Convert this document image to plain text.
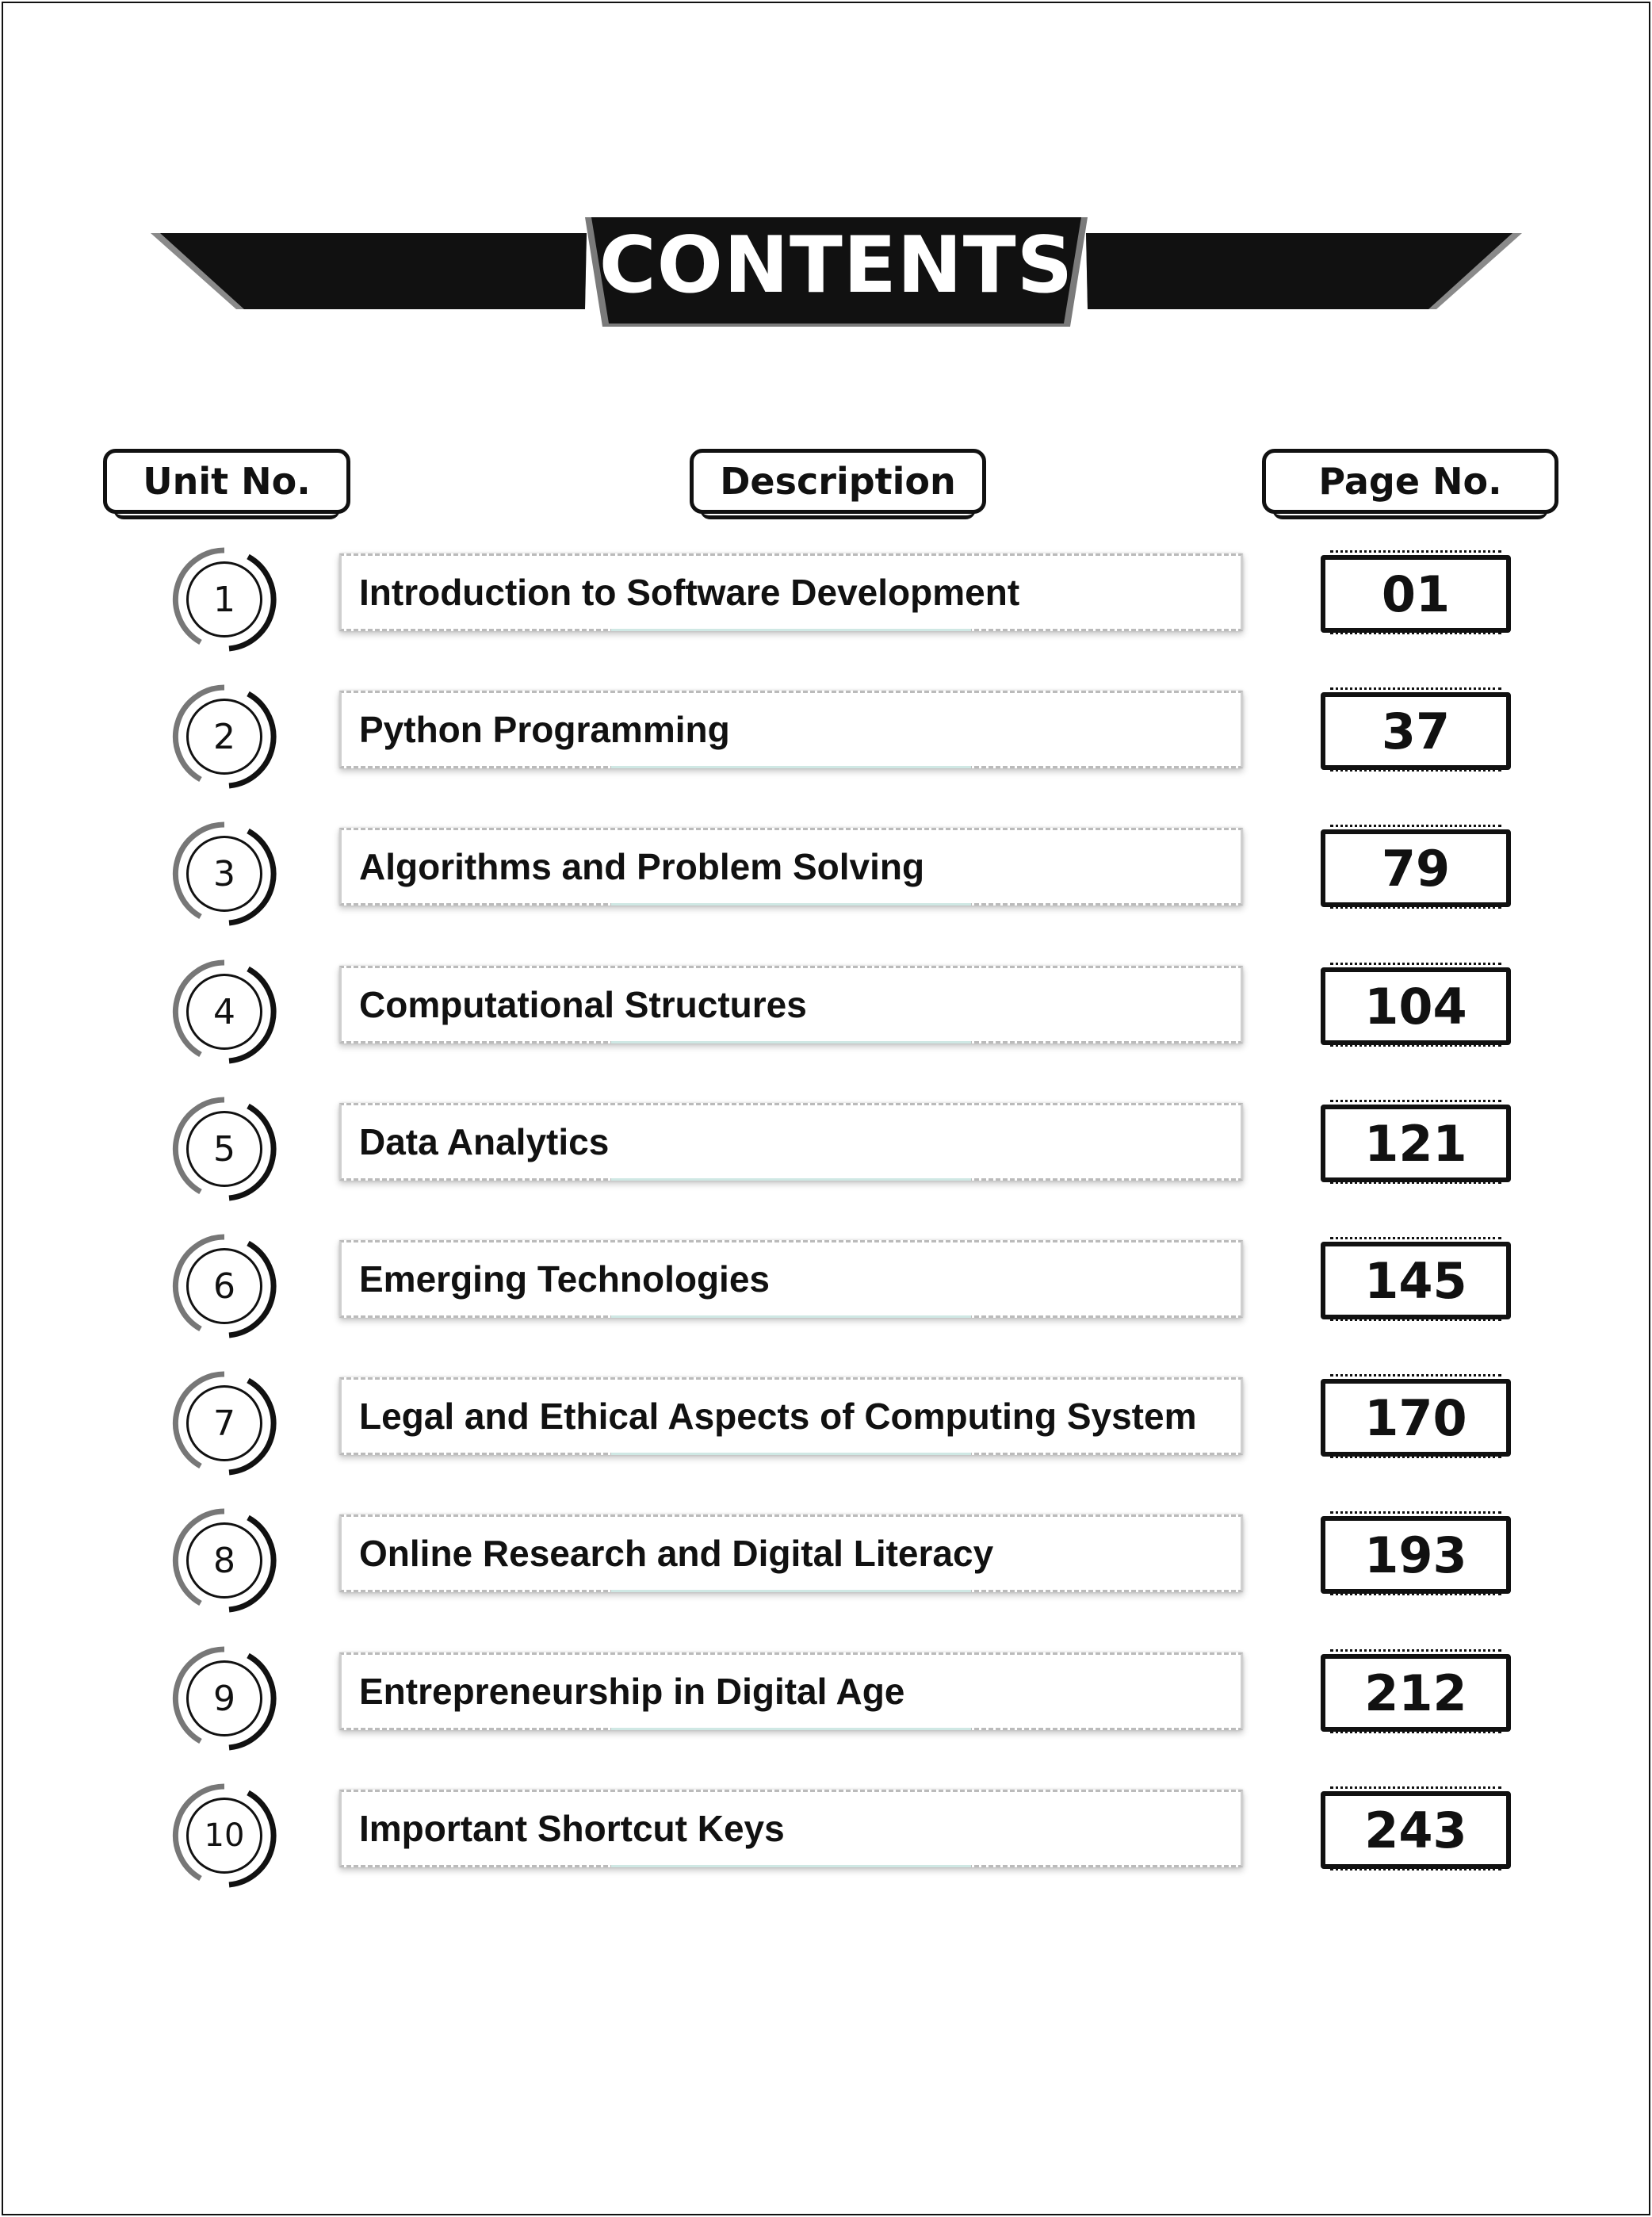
CONTENTS
Unit No.	Description	Page No.
1	Introduction to Software Development	01
2	Python Programming	37
3	Algorithms and Problem Solving	79
4	Computational Structures	104
5	Data Analytics	121
6	Emerging Technologies	145
7	Legal and Ethical Aspects of Computing System	170
8	Online Research and Digital Literacy	193
9	Entrepreneurship in Digital Age	212
10	Important Shortcut Keys	243
